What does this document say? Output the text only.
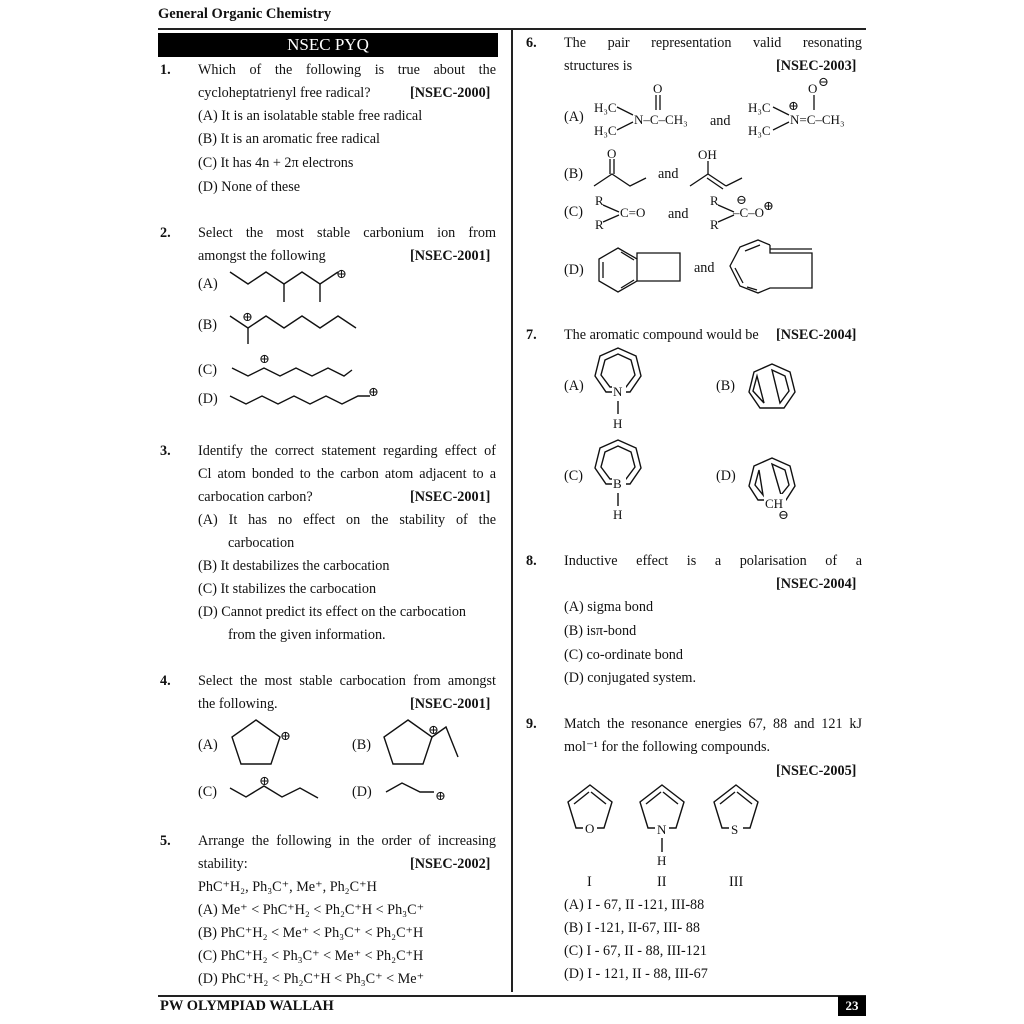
General Organic Chemistry
NSEC PYQ
1. Which of the following is true about the
cycloheptatrienyl free radical?	[NSEC-2000]
(A) It is an isolatable stable free radical
(B) It is an aromatic free radical
(C) It has 4n + 2π electrons
(D) None of these
2. Select the most stable carbonium ion from
amongst the following	[NSEC-2001]
(A)
(B)
(C)
(D)
⊕
⊕
⊕
⊕
3. Identify the correct statement regarding effect of
Cl atom bonded to the carbon atom adjacent to a
carbocation carbon?	[NSEC-2001]
(A) It has no effect on the stability of the
carbocation
(B) It destabilizes the carbocation
(C) It stabilizes the carbocation
(D) Cannot predict its effect on the carbocation
from the given information.
4. Select the most stable carbocation from amongst
the following.	[NSEC-2001]
(A)	(B)
(C)	(D)
⊕	⊕
⊕
⊕
5. Arrange the following in the order of increasing
stability:	[NSEC-2002]
PhC⁺H₂, Ph₃C⁺, Me⁺, Ph₂C⁺H
(A) Me⁺ < PhC⁺H₂ < Ph₂C⁺H < Ph₃C⁺
(B) PhC⁺H₂ < Me⁺ < Ph₃C⁺ < Ph₂C⁺H
(C) PhC⁺H₂ < Ph₃C⁺ < Me⁺ < Ph₂C⁺H
(D) PhC⁺H₂ < Ph₂C⁺H < Ph₃C⁺ < Me⁺
6. The pair representation valid resonating
structures is	[NSEC-2003]
(A)
(B)
(C)
(D)
and
and
and
and
H₃C
H₃C
O
N–C–CH₃
H₃C
H₃C
O ⊖
⊕
N=C–CH₃
O	OH
R
R
C=O
R
R
–C–O
⊖ ⊕
7. The aromatic compound would be [NSEC-2004]
(A)	(B)
(C)	(D)
N
H
B
H
CH
⊖
8. Inductive effect is a polarisation of a
[NSEC-2004]
(A) sigma bond
(B) isπ-bond
(C) co-ordinate bond
(D) conjugated system.
9. Match the resonance energies 67, 88 and 121 kJ
mol⁻¹ for the following compounds.
[NSEC-2005]
O	N
H
S
I	II	III
(A) I - 67, II -121, III-88
(B) I -121, II-67, III- 88
(C) I - 67, II - 88, III-121
(D) I - 121, II - 88, III-67
PW OLYMPIAD WALLAH	23
